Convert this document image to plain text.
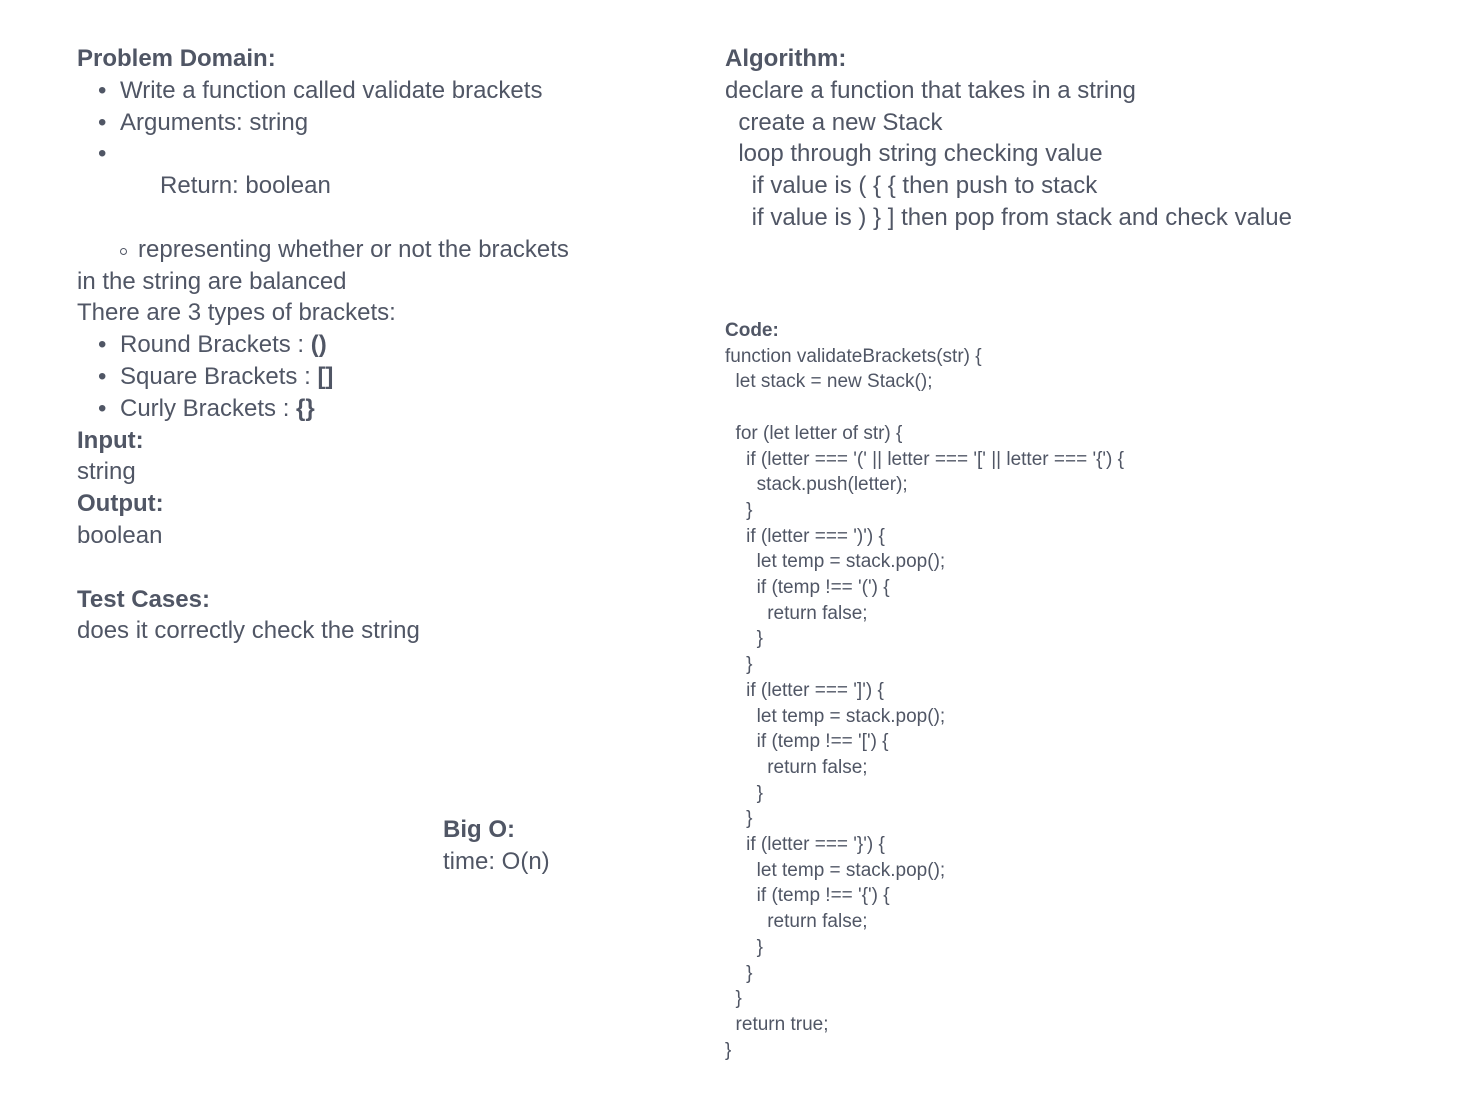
Problem Domain:
• Write a function called validate brackets
• Arguments: string

• Return: boolean

representing whether or not the brackets
in the string are balanced
There are 3 types of brackets:
• Round Brackets : ()
• Square Brackets : []
• Curly Brackets : {}
Input:
string
Output:
boolean

Test Cases:
does it correctly check the string
Big O:
time: O(n)
Algorithm:
declare a function that takes in a string
create a new Stack
loop through string checking value
if value is ( { { then push to stack
if value is ) } ] then pop from stack and check value
Code:
function validateBrackets(str) {
let stack = new Stack();
for (let letter of str) {
if (letter === '(' || letter === '[' || letter === '{') {
stack.push(letter);
}
if (letter === ')') {
let temp = stack.pop();
if (temp !== '(') {
return false;
}
}
if (letter === ']') {
let temp = stack.pop();
if (temp !== '[') {
return false;
}
}
if (letter === '}') {
let temp = stack.pop();
if (temp !== '{') {
return false;
}
}
}
return true;
}
